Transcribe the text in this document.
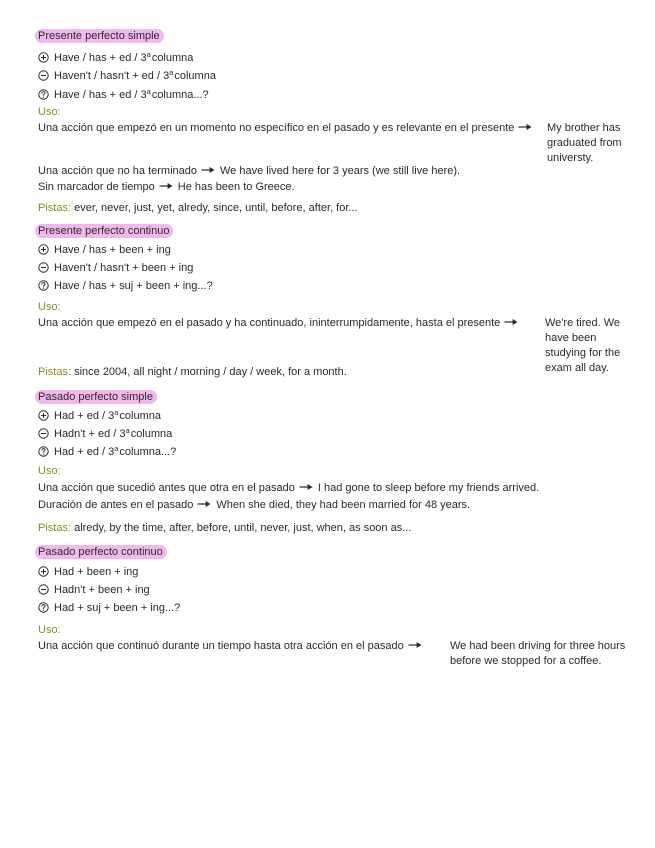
Presente perfecto simple
Have / has + ed / 3$^a$columna
Haven't / hasn't + ed / 3$^a$columna
Have / has + ed / 3$^a$columna...?
Uso:
Una acción que empezó en un momento no específico en el pasado y es relevante en el presente	My brother has
graduated from
universty.
Una acción que no ha terminado We have lived here for 3 years (we still live here).
Sin marcador de tiempo He has been to Greece.
Pistas: ever, never, just, yet, alredy, since, until, before, after, for...
Presente perfecto continuo
Have / has + been + ing
Haven't / hasn't + been + ing
Have / has + suj + been + ing...?
Uso:
Una acción que empezó en el pasado y ha continuado, ininterrumpidamente, hasta el presente	We're tired. We
have been
studying for the
exam all day.
Pistas: since 2004, all night / morning / day / week, for a month.
Pasado perfecto simple
Had + ed / 3$^a$columna
Hadn't + ed / 3$^a$columna
Had + ed / 3$^a$columna...?
Uso:
Una acción que sucedió antes que otra en el pasado I had gone to sleep before my friends arrived.
Duración de antes en el pasado When she died, they had been married for 48 years.
Pistas: alredy, by the time, after, before, until, never, just, when, as soon as...
Pasado perfecto continuo
Had + been + ing
Hadn't + been + ing
Had + suj + been + ing...?
Uso:
Una acción que continuó durante un tiempo hasta otra acción en el pasado	We had been driving for three hours
before we stopped for a coffee.
